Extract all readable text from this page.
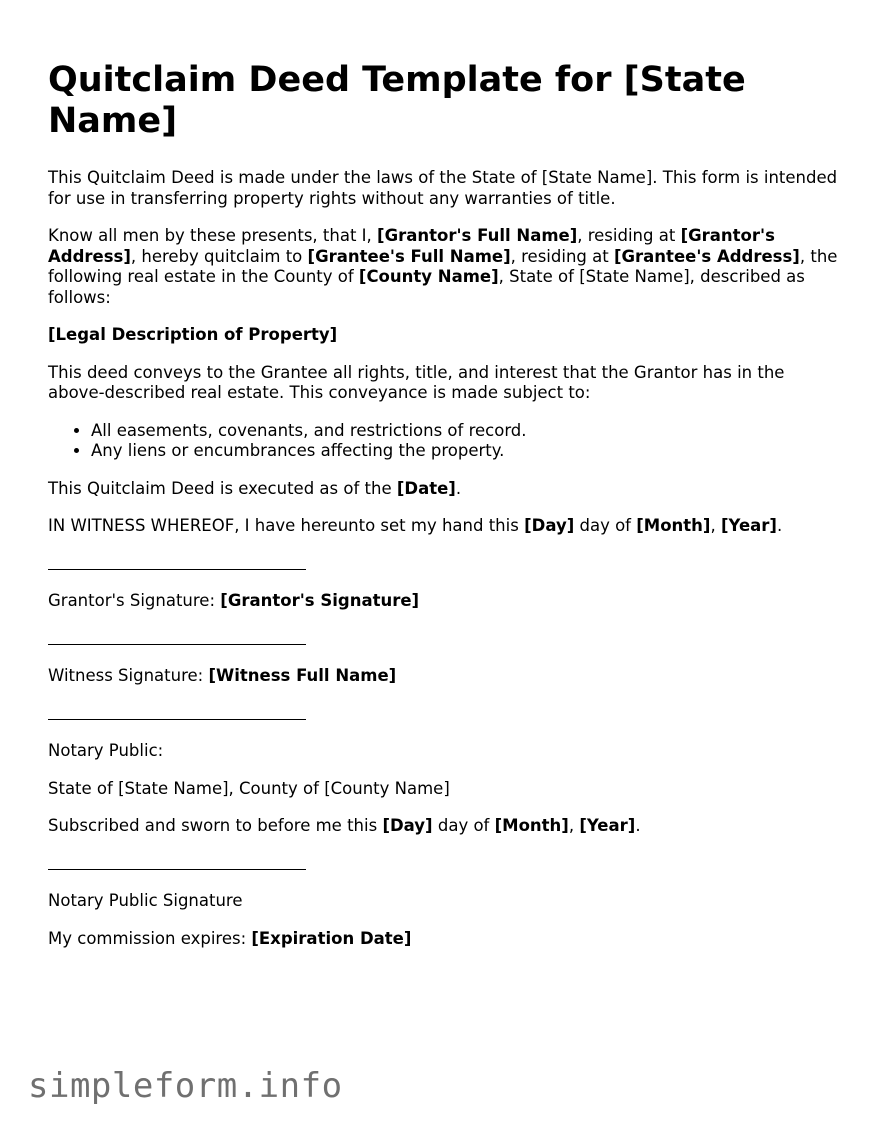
Quitclaim Deed Template for [State Name]

This Quitclaim Deed is made under the laws of the State of [State Name]. This form is intended for use in transferring property rights without any warranties of title.

Know all men by these presents, that I, [Grantor's Full Name], residing at [Grantor's Address], hereby quitclaim to [Grantee's Full Name], residing at [Grantee's Address], the following real estate in the County of [County Name], State of [State Name], described as follows:

[Legal Description of Property]

This deed conveys to the Grantee all rights, title, and interest that the Grantor has in the above-described real estate. This conveyance is made subject to:

• All easements, covenants, and restrictions of record.
• Any liens or encumbrances affecting the property.

This Quitclaim Deed is executed as of the [Date].

IN WITNESS WHEREOF, I have hereunto set my hand this [Day] day of [Month], [Year].

Grantor's Signature: [Grantor's Signature]

Witness Signature: [Witness Full Name]

Notary Public:

State of [State Name], County of [County Name]

Subscribed and sworn to before me this [Day] day of [Month], [Year].

Notary Public Signature

My commission expires: [Expiration Date]

simpleform.info
